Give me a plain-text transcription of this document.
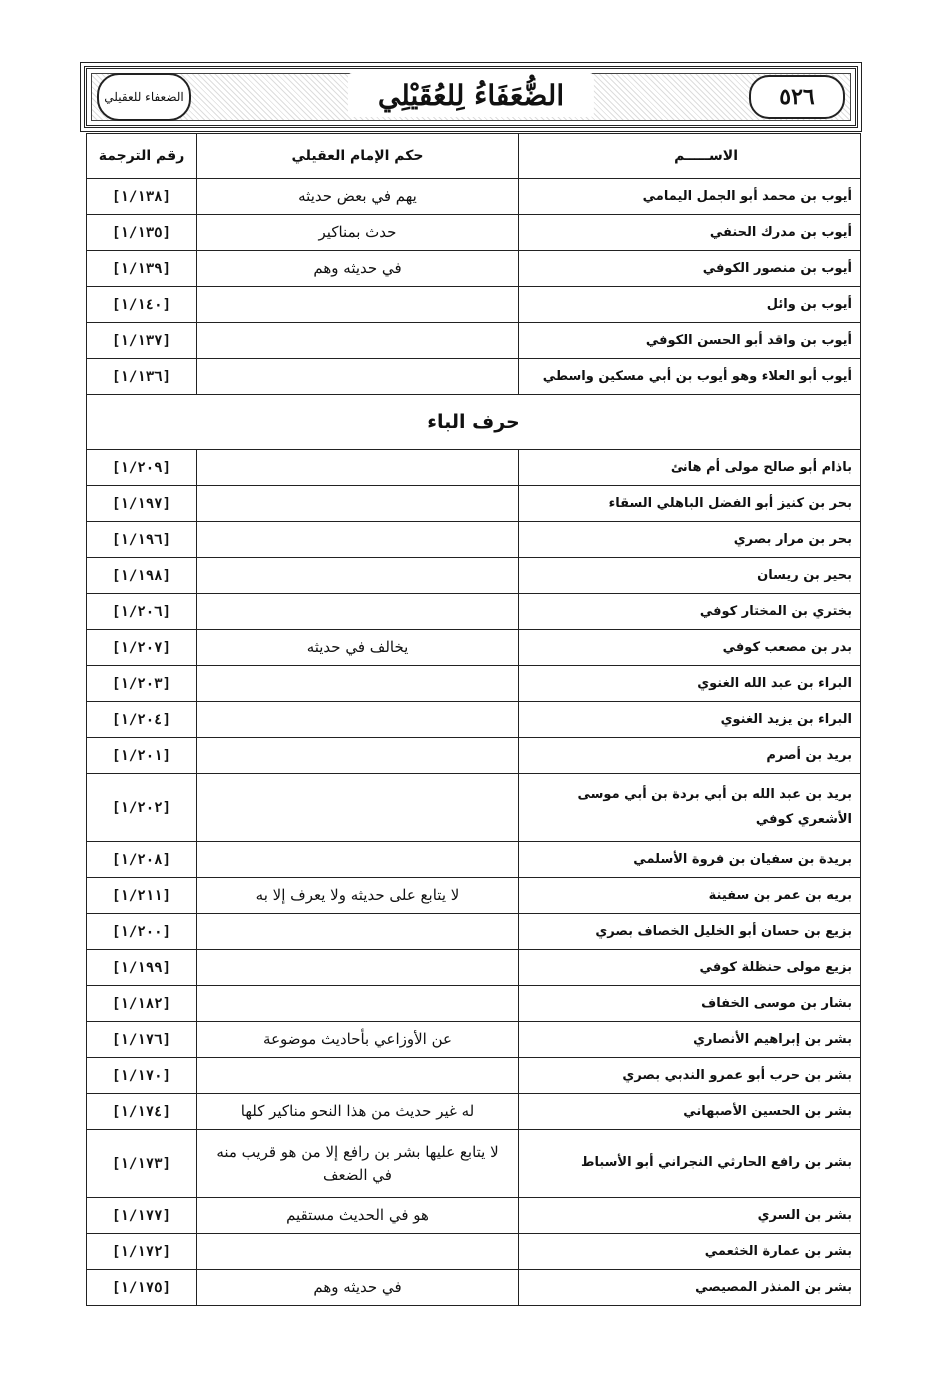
٥٢٦
الضُّعَفَاءُ لِلعُقَيْلِي
الضعفاء للعقيلي
الاســـــم	حكم الإمام العقيلي	رقم الترجمة
أيوب بن محمد أبو الجمل اليمامي	يهم في بعض حديثه	[١/١٣٨]
أيوب بن مدرك الحنفي	حدث بمناكير	[١/١٣٥]
أيوب بن منصور الكوفي	في حديثه وهم	[١/١٣٩]
أيوب بن وائل		[١/١٤٠]
أيوب بن واقد أبو الحسن الكوفي		[١/١٣٧]
أيوب أبو العلاء وهو أيوب بن أبي مسكين واسطي		[١/١٣٦]
حرف الباء		
باذام أبو صالح مولى أم هانئ		[١/٢٠٩]
بحر بن كنيز أبو الفضل الباهلي السقاء		[١/١٩٧]
بحر بن مرار بصري		[١/١٩٦]
بحير بن ريسان		[١/١٩٨]
بختري بن المختار كوفي		[١/٢٠٦]
بدر بن مصعب كوفي	يخالف في حديثه	[١/٢٠٧]
البراء بن عبد الله الغنوي		[١/٢٠٣]
البراء بن يزيد الغنوي		[١/٢٠٤]
بريد بن أصرم		[١/٢٠١]
بريد بن عبد الله بن أبي بردة بن أبي موسى الأشعري كوفي		[١/٢٠٢]
بريدة بن سفيان بن فروة الأسلمي		[١/٢٠٨]
بريه بن عمر بن سفينة	لا يتابع على حديثه ولا يعرف إلا به	[١/٢١١]
بزيع بن حسان أبو الخليل الخصاف بصري		[١/٢٠٠]
بزيع مولى حنظلة كوفي		[١/١٩٩]
بشار بن موسى الخفاف		[١/١٨٢]
بشر بن إبراهيم الأنصاري	عن الأوزاعي بأحاديث موضوعة	[١/١٧٦]
بشر بن حرب أبو عمرو الندبي بصري		[١/١٧٠]
بشر بن الحسين الأصبهاني	له غير حديث من هذا النحو مناكير كلها	[١/١٧٤]
بشر بن رافع الحارثي النجراني أبو الأسباط	لا يتابع عليها بشر بن رافع إلا من هو قريب منه في الضعف	[١/١٧٣]
بشر بن السري	هو في الحديث مستقيم	[١/١٧٧]
بشر بن عمارة الخثعمي		[١/١٧٢]
بشر بن المنذر المصيصي	في حديثه وهم	[١/١٧٥]
